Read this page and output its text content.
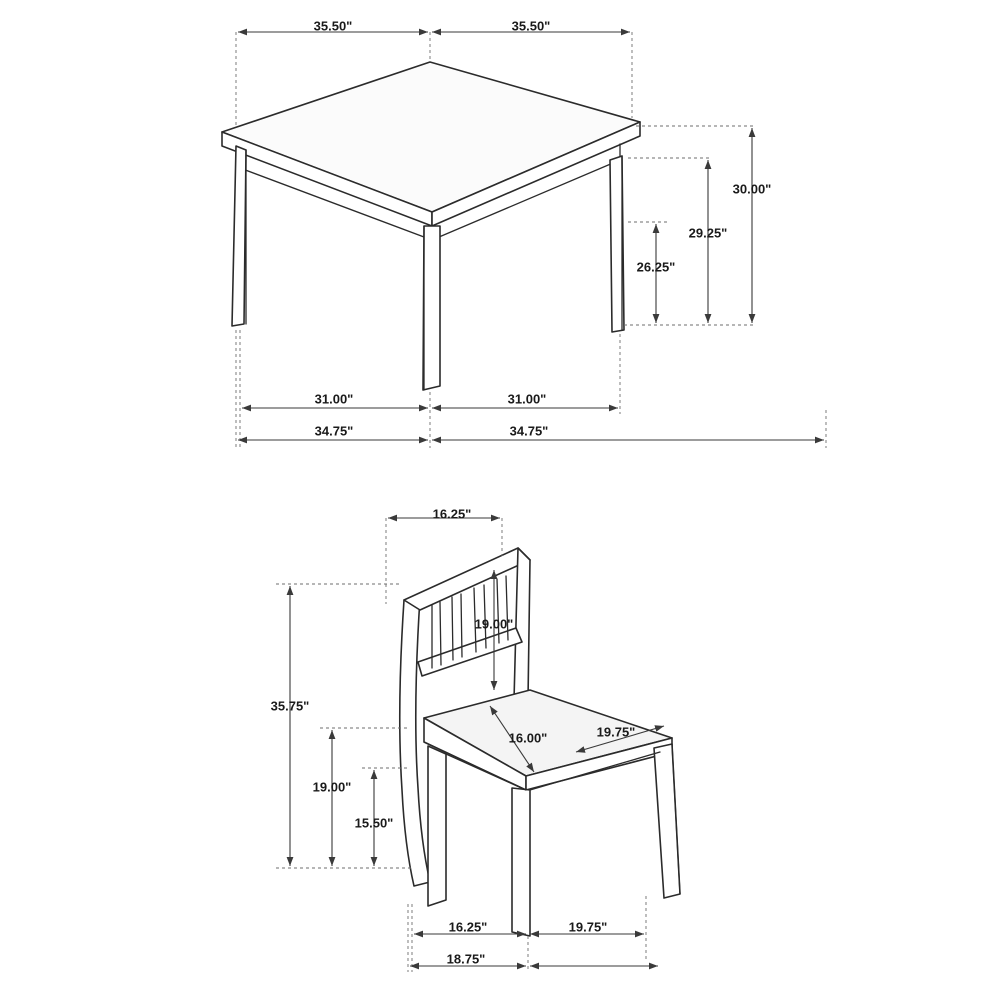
35.50"	35.50"
30.00"
29.25"
26.25"
31.00"	31.00"
34.75"	34.75"
16.25"
19.00"
35.75"
19.00"
15.50"
16.00"	19.75"
16.25"	19.75"
18.75"
